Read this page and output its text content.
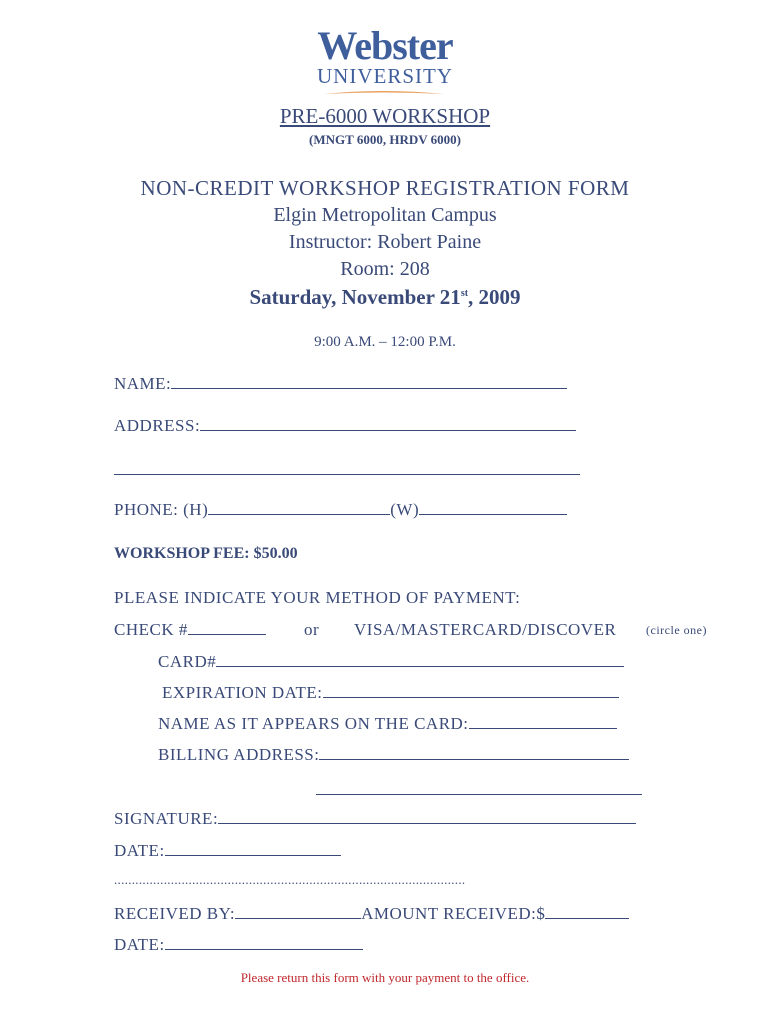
Webster
UNIVERSITY
PRE-6000 WORKSHOP
(MNGT 6000, HRDV 6000)
NON-CREDIT WORKSHOP REGISTRATION FORM
Elgin Metropolitan Campus
Instructor: Robert Paine
Room: 208
Saturday, November 21st, 2009
9:00 A.M. – 12:00 P.M.
NAME:
ADDRESS:
PHONE: (H)	(W)
WORKSHOP FEE: $50.00
PLEASE INDICATE YOUR METHOD OF PAYMENT:
CHECK #	or VISA/MASTERCARD/DISCOVER (circle one)
CARD#
EXPIRATION DATE:
NAME AS IT APPEARS ON THE CARD:
BILLING ADDRESS:
SIGNATURE:
DATE:
...................................................................................................
RECEIVED BY:	AMOUNT RECEIVED:$
DATE:
Please return this form with your payment to the office.
